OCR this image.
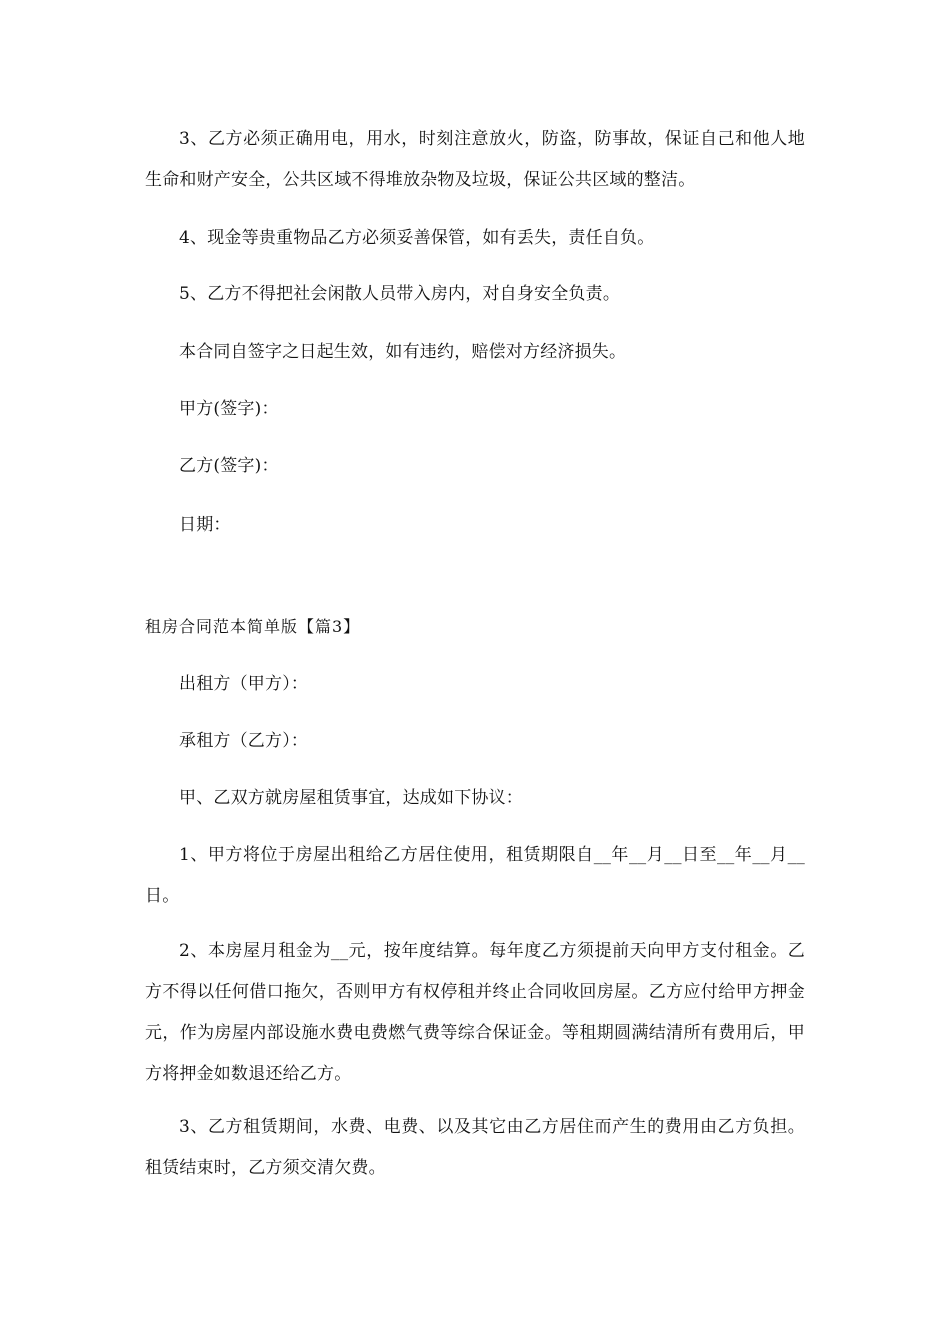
3、乙方必须正确用电，用水，时刻注意放火，防盗，防事故，保证自己和他人地生命和财产安全，公共区域不得堆放杂物及垃圾，保证公共区域的整洁。

4、现金等贵重物品乙方必须妥善保管，如有丢失，责任自负。

5、乙方不得把社会闲散人员带入房内，对自身安全负责。

本合同自签字之日起生效，如有违约，赔偿对方经济损失。

甲方(签字)：

乙方(签字)：

日期：

租房合同范本简单版【篇3】

出租方（甲方）：

承租方（乙方）：

甲、乙双方就房屋租赁事宜，达成如下协议：

1、甲方将位于房屋出租给乙方居住使用，租赁期限自__年__月__日至__年__月__日。

2、本房屋月租金为__元，按年度结算。每年度乙方须提前天向甲方支付租金。乙方不得以任何借口拖欠，否则甲方有权停租并终止合同收回房屋。乙方应付给甲方押金元，作为房屋内部设施水费电费燃气费等综合保证金。等租期圆满结清所有费用后，甲方将押金如数退还给乙方。

3、乙方租赁期间，水费、电费、以及其它由乙方居住而产生的费用由乙方负担。租赁结束时，乙方须交清欠费。
